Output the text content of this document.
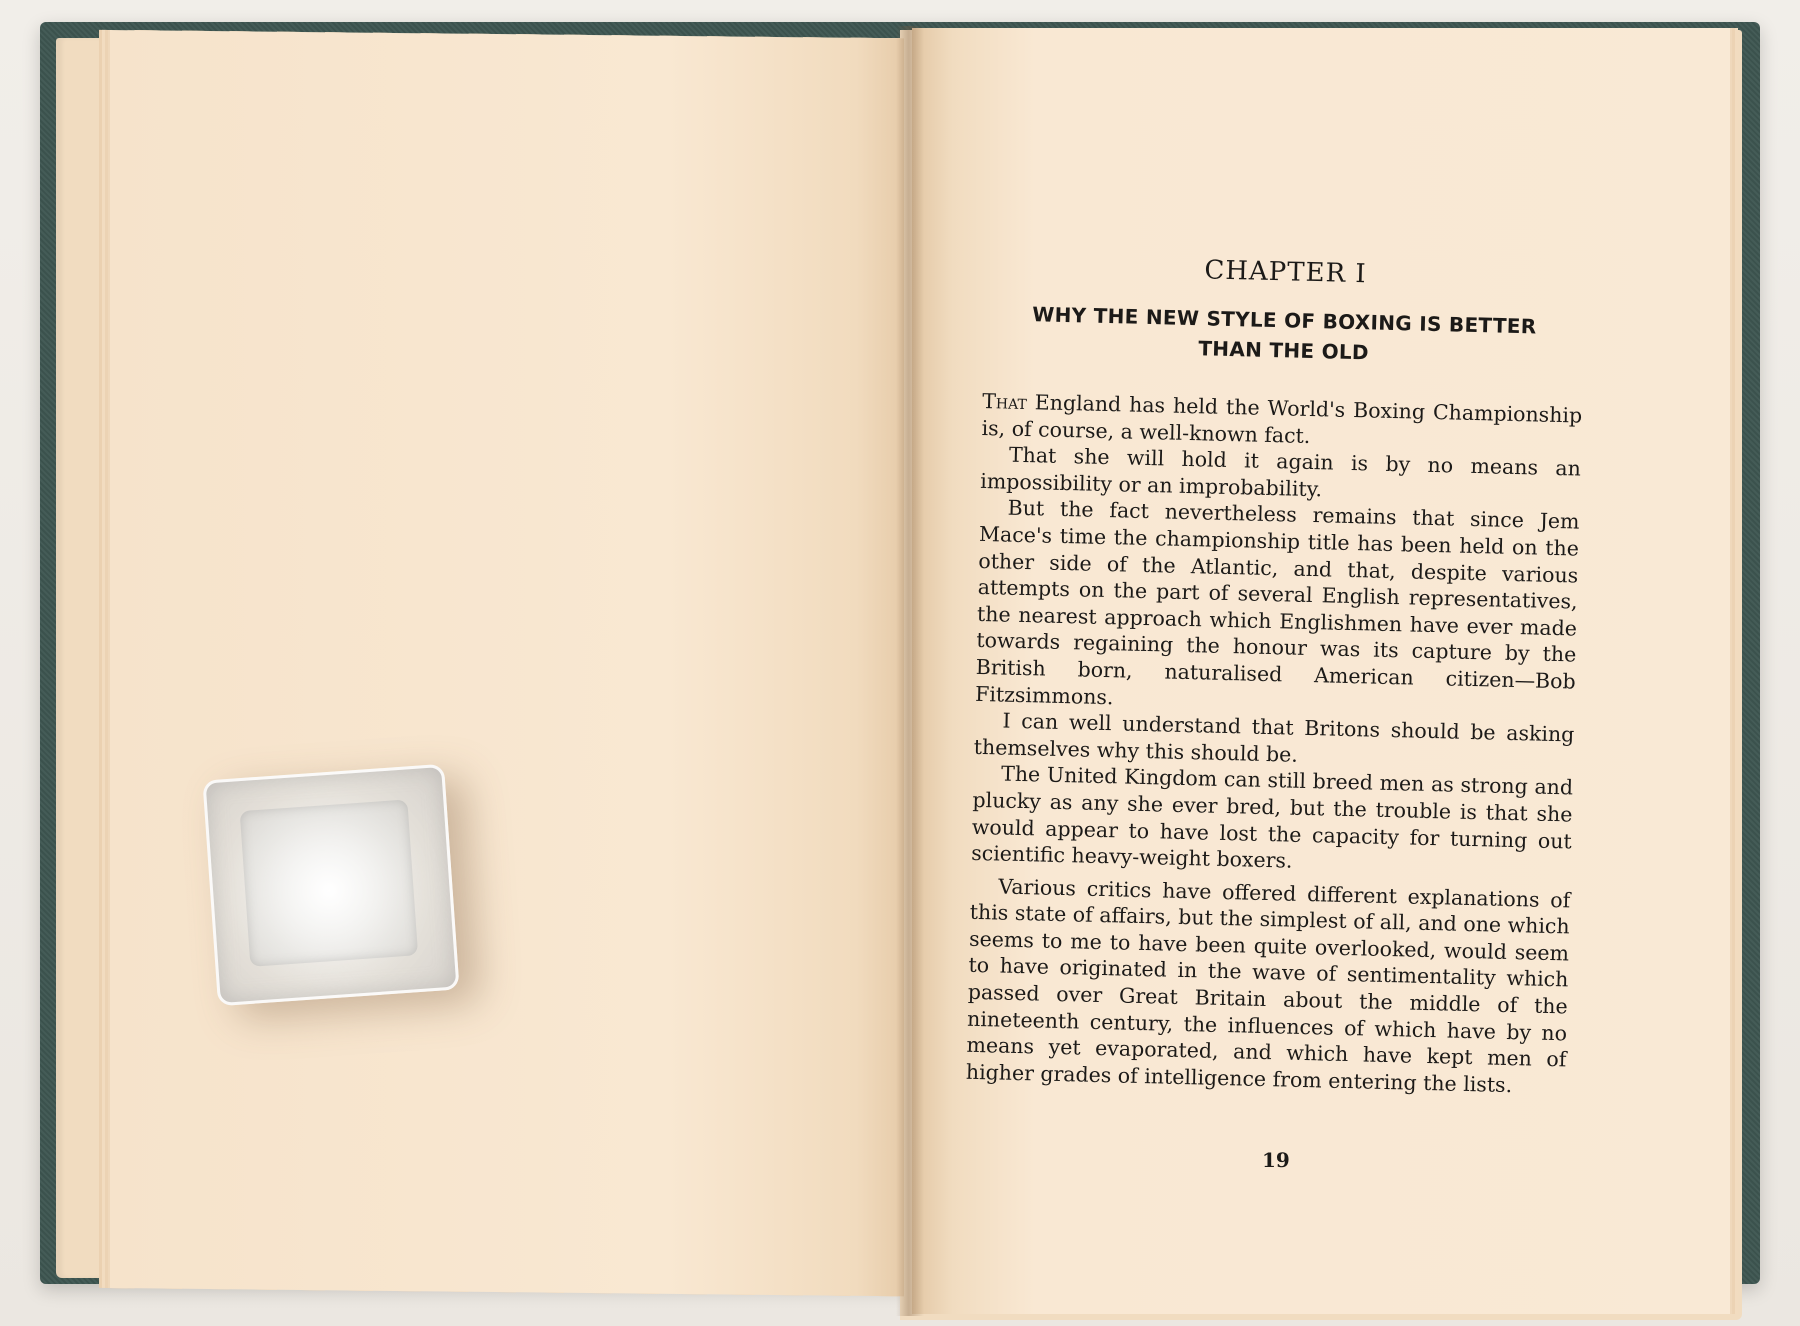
CHAPTER I
WHY THE NEW STYLE OF BOXING IS BETTER
THAN THE OLD

That England has held the World's Boxing Championship is, of course, a well-known fact.

That she will hold it again is by no means an impossibility or an improbability.

But the fact nevertheless remains that since Jem Mace's time the championship title has been held on the other side of the Atlantic, and that, despite various attempts on the part of several English representatives, the nearest approach which Englishmen have ever made towards regaining the honour was its capture by the British born, naturalised American citizen—Bob Fitzsimmons.

I can well understand that Britons should be asking themselves why this should be.

The United Kingdom can still breed men as strong and plucky as any she ever bred, but the trouble is that she would appear to have lost the capacity for turning out scientific heavy-weight boxers.

Various critics have offered different explanations of this state of affairs, but the simplest of all, and one which seems to me to have been quite overlooked, would seem to have originated in the wave of sentimentality which passed over Great Britain about the middle of the nineteenth century, the influences of which have by no means yet evaporated, and which have kept men of higher grades of intelligence from entering the lists.

19
